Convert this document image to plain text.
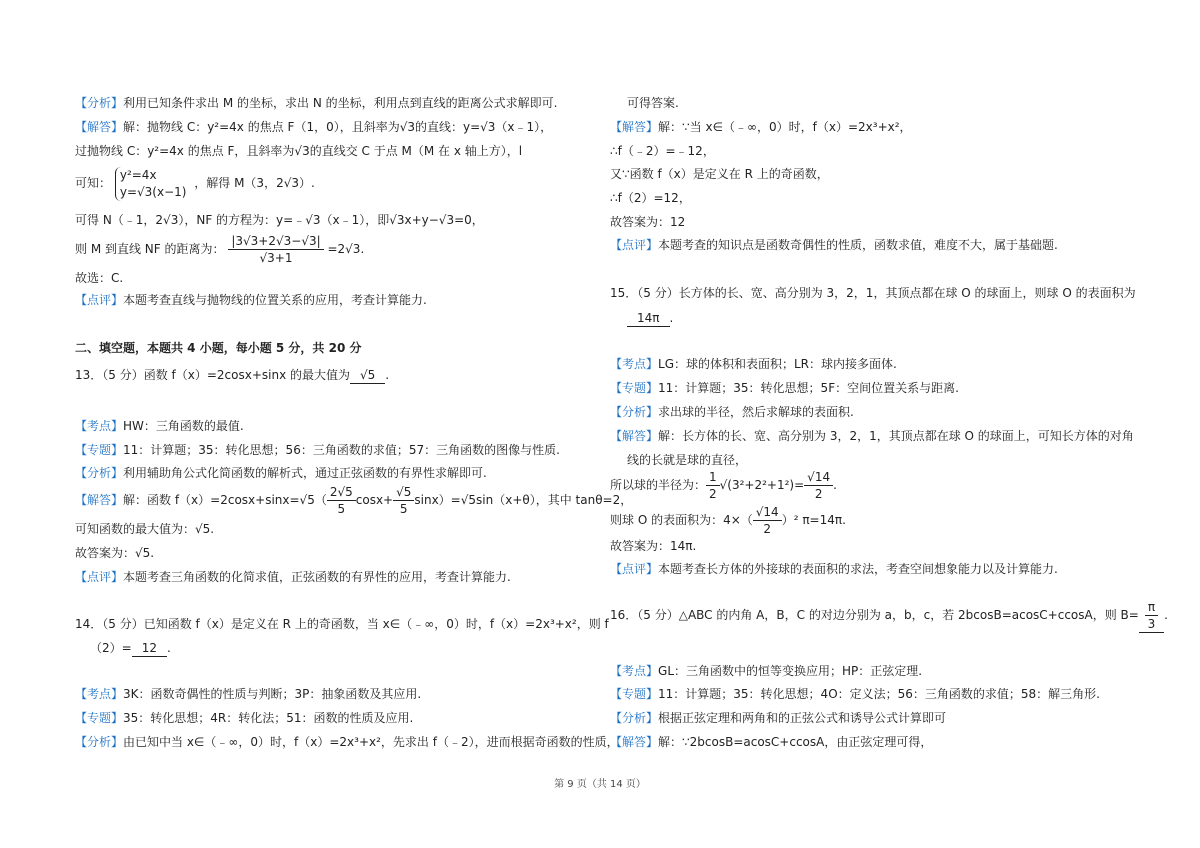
【分析】利用已知条件求出 M 的坐标，求出 N 的坐标，利用点到直线的距离公式求解即可.
【解答】解：抛物线 C：y²=4x 的焦点 F（1，0），且斜率为√3的直线：y=√3（x﹣1），
过抛物线 C：y²=4x 的焦点 F，且斜率为√3的直线交 C 于点 M（M 在 x 轴上方），l
可知： y²=4x
y=√3(x−1) ，解得 M（3，2√3）.
可得 N（﹣1，2√3），NF 的方程为：y=﹣√3（x﹣1），即√3x+y−√3=0，
则 M 到直线 NF 的距离为： $\frac{|3√3+2√3-√3|}{√3+1} =2√3$.
故选：C.
【点评】本题考查直线与抛物线的位置关系的应用，考查计算能力.
二、填空题，本题共 4 小题，每小题 5 分，共 20 分
13．（5 分）函数 f（x）=2cosx+sinx 的最大值为 √5 .
【考点】HW：三角函数的最值.
【专题】11：计算题；35：转化思想；56：三角函数的求值；57：三角函数的图像与性质.
【分析】利用辅助角公式化简函数的解析式，通过正弦函数的有界性求解即可.
【解答】解：函数 $f(x)=2\cos x+\sin x=√5( \frac{2√5}{5} \cos x+ \frac{√5}{5} \sin x)=√5\sin(x+\theta)$，其中 tanθ=2，
可知函数的最大值为：√5.
故答案为：√5.
【点评】本题考查三角函数的化简求值，正弦函数的有界性的应用，考查计算能力.
14．（5 分）已知函数 f（x）是定义在 R 上的奇函数，当 x∈（﹣∞，0）时，f（x）=2x³+x²，则 f
（2）= 12 .
【考点】3K：函数奇偶性的性质与判断；3P：抽象函数及其应用.
【专题】35：转化思想；4R：转化法；51：函数的性质及应用.
【分析】由已知中当 x∈（﹣∞，0）时，f（x）=2x³+x²，先求出 f（﹣2），进而根据奇函数的性质，
可得答案.
【解答】解：∵当 x∈（﹣∞，0）时，f（x）=2x³+x²，
∴f（﹣2）=﹣12，
又∵函数 f（x）是定义在 R 上的奇函数，
∴f（2）=12，
故答案为：12
【点评】本题考查的知识点是函数奇偶性的性质，函数求值，难度不大，属于基础题.
15．（5 分）长方体的长、宽、高分别为 3，2，1，其顶点都在球 O 的球面上，则球 O 的表面积为
14π .
【考点】LG：球的体积和表面积；LR：球内接多面体.
【专题】11：计算题；35：转化思想；5F：空间位置关系与距离.
【分析】求出球的半径，然后求解球的表面积.
【解答】解：长方体的长、宽、高分别为 3，2，1，其顶点都在球 O 的球面上，可知长方体的对角
线的长就是球的直径，
所以球的半径为： $\frac{1}{2} √(3^2+2^2+1^2)= \frac{√14}{2}$ .
则球 O 的表面积为：$4\times( \frac{√14}{2} )^2$ π=14π.
故答案为：14π.
【点评】本题考查长方体的外接球的表面积的求法，考查空间想象能力以及计算能力.
16．（5 分）△ABC 的内角 A，B，C 的对边分别为 a，b，c，若 2bcosB=acosC+ccosA，则 $B= \frac{\pi}{3}$ .
【考点】GL：三角函数中的恒等变换应用；HP：正弦定理.
【专题】11：计算题；35：转化思想；4O：定义法；56：三角函数的求值；58：解三角形.
【分析】根据正弦定理和两角和的正弦公式和诱导公式计算即可
【解答】解：∵2bcosB=acosC+ccosA，由正弦定理可得，
第 9 页（共 14 页）
